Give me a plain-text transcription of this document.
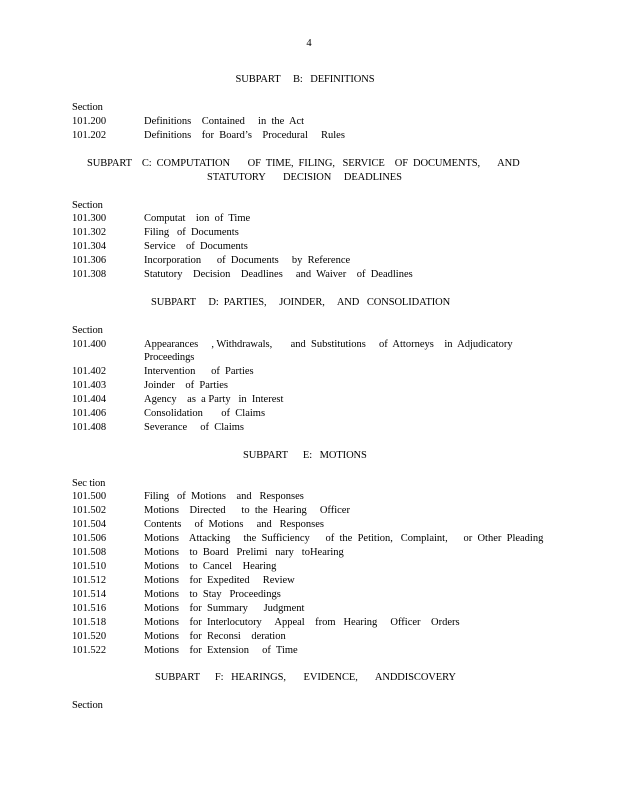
4
SUBPART     B:   DEFINITIONS
Section
101.200	Definitions    Contained     in  the  Act
101.202	Definitions    for  Board’s    Procedural     Rules
SUBPART    C:  COMPUTATION       OF  TIME,  FILING,   SERVICE    OF  DOCUMENTS,       AND
STATUTORY       DECISION     DEADLINES
Section
101.300	Computat    ion  of  Time
101.302	Filing   of  Documents
101.304	Service    of  Documents
101.306	Incorporation      of  Documents     by  Reference
101.308	Statutory    Decision    Deadlines     and  Waiver    of  Deadlines
SUBPART     D:  PARTIES,     JOINDER,     AND   CONSOLIDATION
Section
101.400	Appearances     , Withdrawals,       and  Substitutions     of  Attorneys    in  Adjudicatory
Proceedings
101.402	Intervention      of  Parties
101.403	Joinder    of  Parties
101.404	Agency    as  a Party   in  Interest
101.406	Consolidation       of  Claims
101.408	Severance     of  Claims
SUBPART      E:   MOTIONS
Sec tion
101.500	Filing   of  Motions    and   Responses
101.502	Motions    Directed      to  the  Hearing     Officer
101.504	Contents     of  Motions     and   Responses
101.506	Motions    Attacking     the  Sufficiency      of  the  Petition,   Complaint,      or  Other  Pleading
101.508	Motions    to  Board   Prelimi   nary   toHearing
101.510	Motions    to  Cancel    Hearing
101.512	Motions    for  Expedited     Review
101.514	Motions    to  Stay   Proceedings
101.516	Motions    for  Summary      Judgment
101.518	Motions    for  Interlocutory     Appeal    from   Hearing     Officer    Orders
101.520	Motions    for  Reconsi    deration
101.522	Motions    for  Extension     of  Time
SUBPART      F:   HEARINGS,       EVIDENCE,       ANDDISCOVERY
Section
